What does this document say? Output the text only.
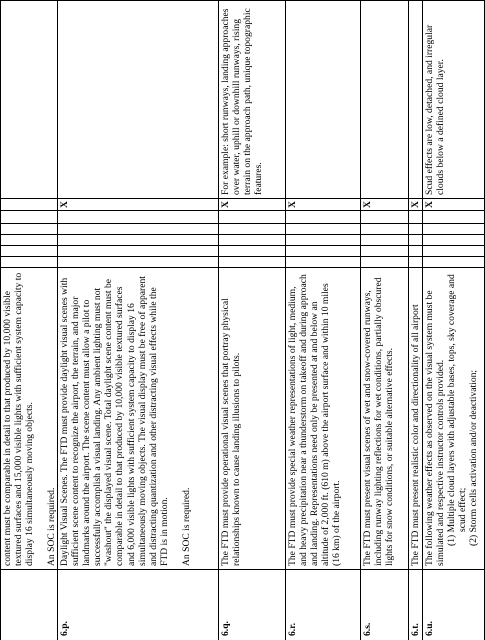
content must be comparable in detail to that produced by 10,000 visible textured surfaces and 15,000 visible lights with sufficient system capacity to display 16 simultaneously moving objects. An SOC is required.
6.p.
Daylight Visual Scenes. The FTD must provide daylight visual scenes with sufficient scene content to recognize the airport, the terrain, and major landmarks around the airport. The scene content must allow a pilot to successfully accomplish a visual landing. Any ambient lighting must not "washout" the displayed visual scene. Total daylight scene content must be comparable in detail to that produced by 10,000 visible textured surfaces and 6,000 visible lights with sufficient system capacity to display 16 simultaneously moving objects. The visual display must be free of apparent and distracting quantization and other distracting visual effects while the FTD is in motion. An SOC is required.
X
6.q.
The FTD must provide operational visual scenes that portray physical relationships known to cause landing illusions to pilots.
X
For example: short runways, landing approaches over water, uphill or downhill runways, rising terrain on the approach path, unique topographic features.
6.r.
The FTD must provide special weather representations of light, medium, and heavy precipitation near a thunderstorm on takeoff and during approach and landing. Representations need only be presented at and below an altitude of 2,000 ft. (610 m) above the airport surface and within 10 miles (16 km) of the airport.
X
6.s.
The FTD must present visual scenes of wet and snow-covered runways, including runway lighting reflections for wet conditions, partially obscured lights for snow conditions, or suitable alternative effects.
X
6.t.
The FTD must present realistic color and directionality of all airport
X
6.u.
The following weather effects as observed on the visual system must be simulated and respective instructor controls provided. (1) Multiple cloud layers with adjustable bases, tops, sky coverage and scud effect; (2) Storm cells activation and/or deactivation;
X
Scud effects are low, detached, and irregular clouds below a defined cloud layer.
